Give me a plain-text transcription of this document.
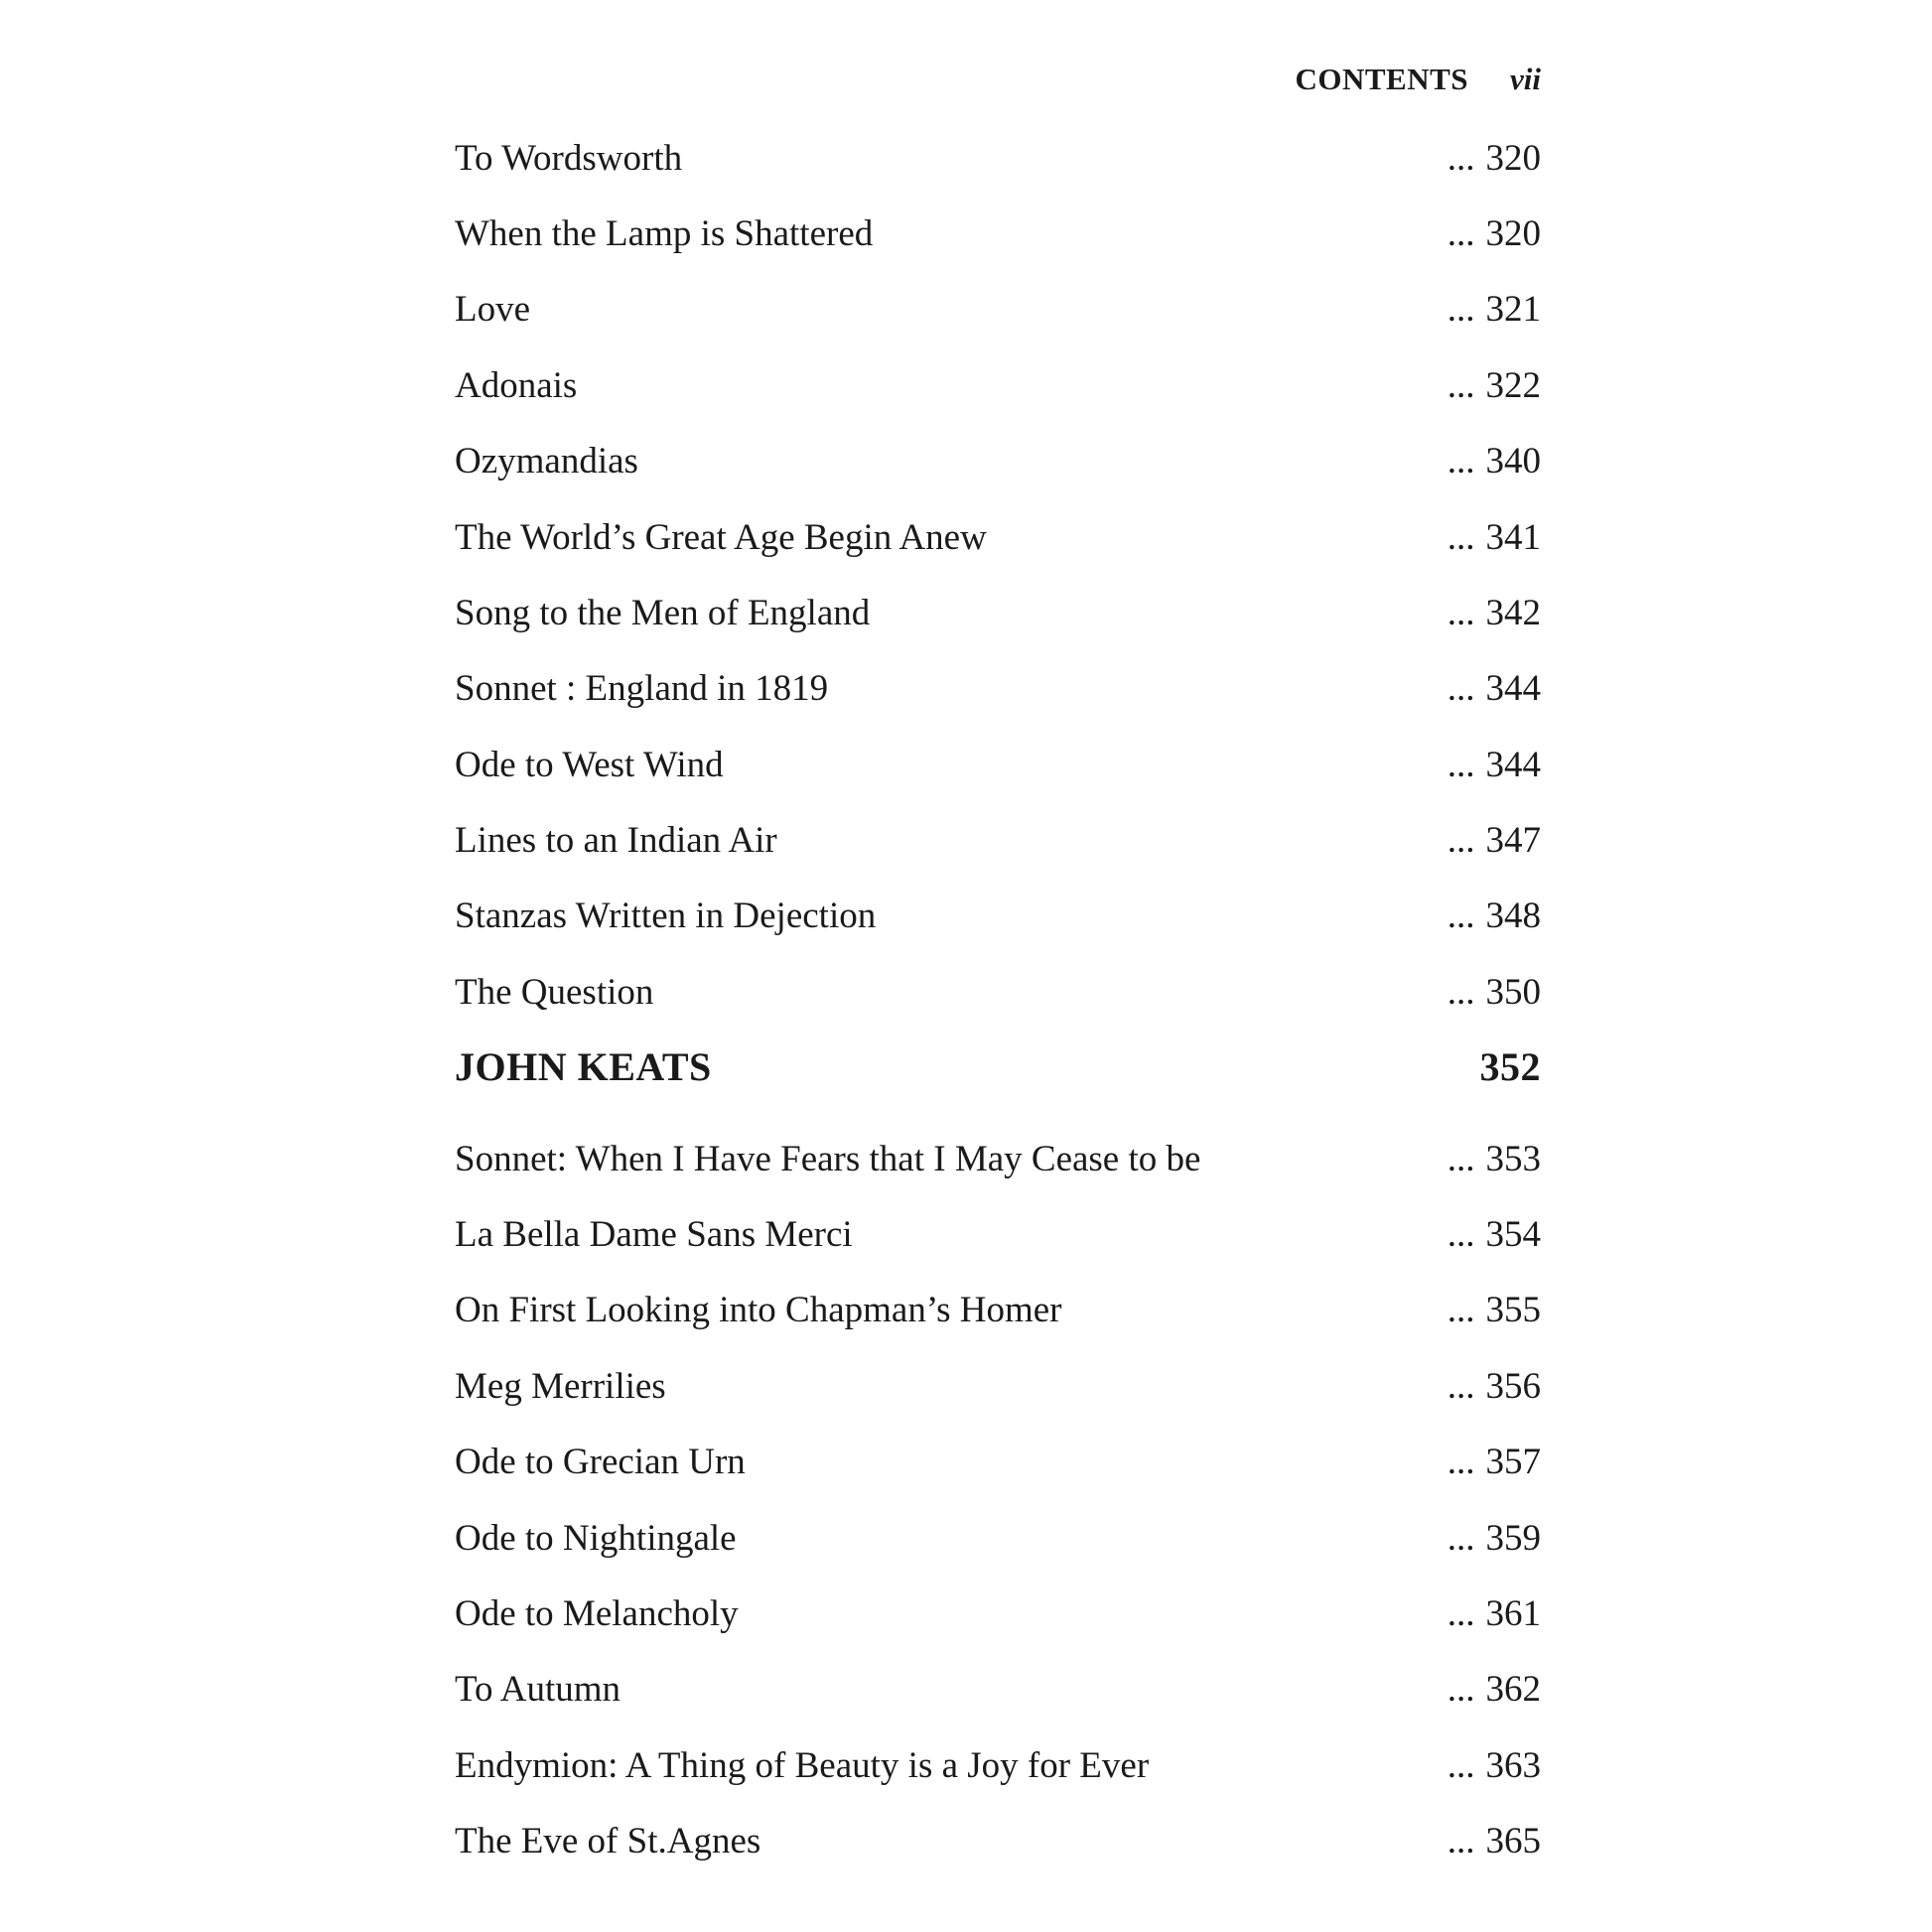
CONTENTS vii
To Wordsworth	... 320
When the Lamp is Shattered	... 320
Love	... 321
Adonais	... 322
Ozymandias	... 340
The World’s Great Age Begin Anew	... 341
Song to the Men of England	... 342
Sonnet : England in 1819	... 344
Ode to West Wind	... 344
Lines to an Indian Air	... 347
Stanzas Written in Dejection	... 348
The Question	... 350
JOHN KEATS	352
Sonnet: When I Have Fears that I May Cease to be	... 353
La Bella Dame Sans Merci	... 354
On First Looking into Chapman’s Homer	... 355
Meg Merrilies	... 356
Ode to Grecian Urn	... 357
Ode to Nightingale	... 359
Ode to Melancholy	... 361
To Autumn	... 362
Endymion: A Thing of Beauty is a Joy for Ever	... 363
The Eve of St.Agnes	... 365
